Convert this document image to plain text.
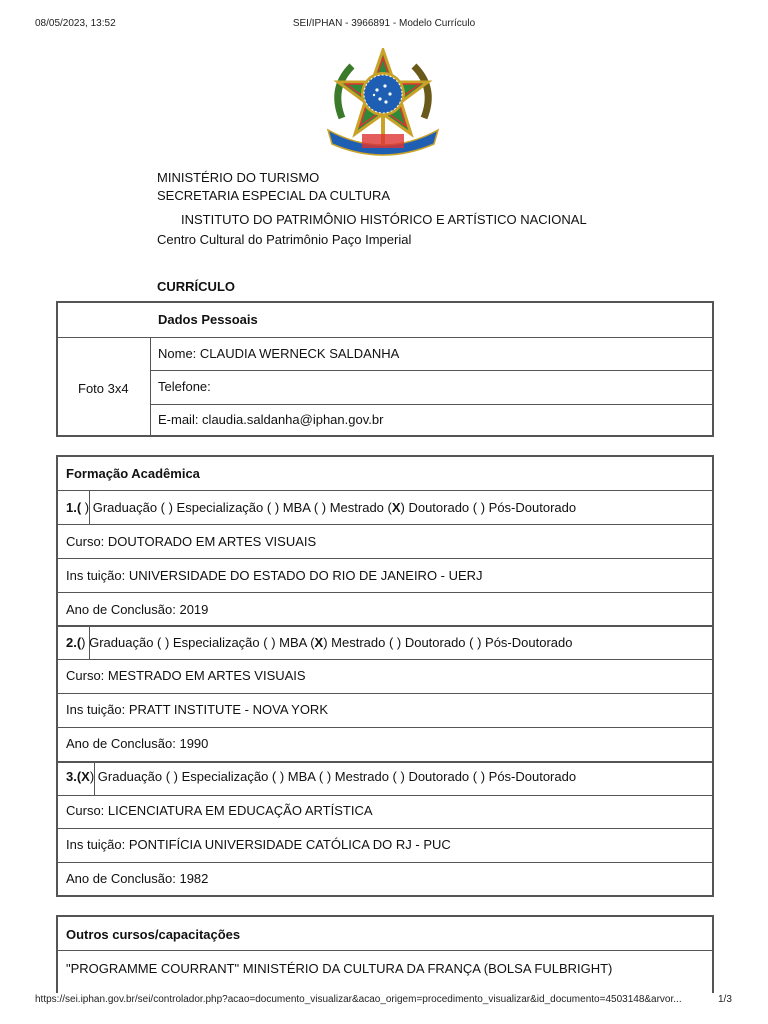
08/05/2023, 13:52	SEI/IPHAN - 3966891 - Modelo Currículo
MINISTÉRIO DO TURISMO
SECRETARIA ESPECIAL DA CULTURA
INSTITUTO DO PATRIMÔNIO HISTÓRICO E ARTÍSTICO NACIONAL
Centro Cultural do Patrimônio Paço Imperial
CURRÍCULO
Dados Pessoais
Foto 3x4
Nome: CLAUDIA WERNECK SALDANHA
Telefone:
E-mail: claudia.saldanha@iphan.gov.br
Formação Acadêmica
1.( ) Graduação ( ) Especialização ( ) MBA ( ) Mestrado (X) Doutorado ( ) Pós-Doutorado
Curso: DOUTORADO EM ARTES VISUAIS
Ins tuição: UNIVERSIDADE DO ESTADO DO RIO DE JANEIRO - UERJ
Ano de Conclusão: 2019
2.() Graduação ( ) Especialização ( ) MBA (X) Mestrado ( ) Doutorado ( ) Pós-Doutorado
Curso: MESTRADO EM ARTES VISUAIS
Ins tuição: PRATT INSTITUTE - NOVA YORK
Ano de Conclusão: 1990
3.(X) Graduação ( ) Especialização ( ) MBA ( ) Mestrado ( ) Doutorado ( ) Pós-Doutorado
Curso: LICENCIATURA EM EDUCAÇÃO ARTÍSTICA
Ins tuição: PONTIFÍCIA UNIVERSIDADE CATÓLICA DO RJ - PUC
Ano de Conclusão: 1982
Outros cursos/capacitações
"PROGRAMME COURRANT" MINISTÉRIO DA CULTURA DA FRANÇA (BOLSA FULBRIGHT)
https://sei.iphan.gov.br/sei/controlador.php?acao=documento_visualizar&acao_origem=procedimento_visualizar&id_documento=4503148&arvor...	1/3
